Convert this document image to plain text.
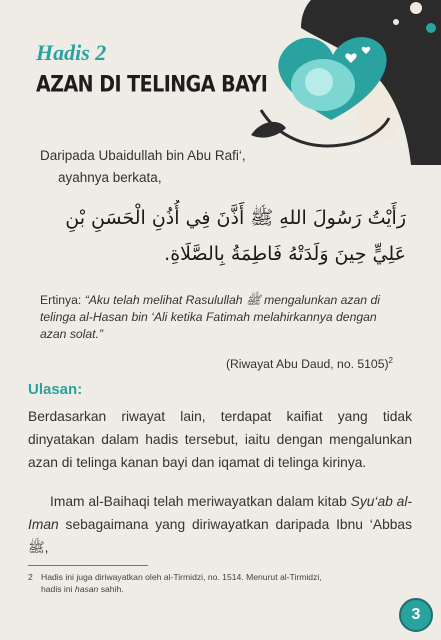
Hadis 2
AZAN DI TELINGA BAYI
Daripada Ubaidullah bin Abu Rafi‘,
ayahnya berkata,
رَأَيْتُ رَسُولَ اللهِ ﷺ أَذَّنَ فِي أُذُنِ الْحَسَنِ بْنِ
عَلِيٍّ حِينَ وَلَدَتْهُ فَاطِمَةُ بِالصَّلَاةِ.
Ertinya: “Aku telah melihat Rasulullah ﷺ mengalunkan azan di telinga al-Hasan bin ‘Ali ketika Fatimah melahirkannya dengan azan solat.”
(Riwayat Abu Daud, no. 5105)$^2$
Ulasan:

Berdasarkan riwayat lain, terdapat kaifiat yang tidak dinyatakan dalam hadis tersebut, iaitu dengan mengalunkan azan di telinga kanan bayi dan iqamat di telinga kirinya.

Imam al-Baihaqi telah meriwayatkan dalam kitab Syu‘ab al-Iman sebagaimana yang diriwayatkan daripada Ibnu ‘Abbas ﷺ,

2 Hadis ini juga diriwayatkan oleh al-Tirmidzi, no. 1514. Menurut al-Tirmidzi, hadis ini hasan sahih.
3
